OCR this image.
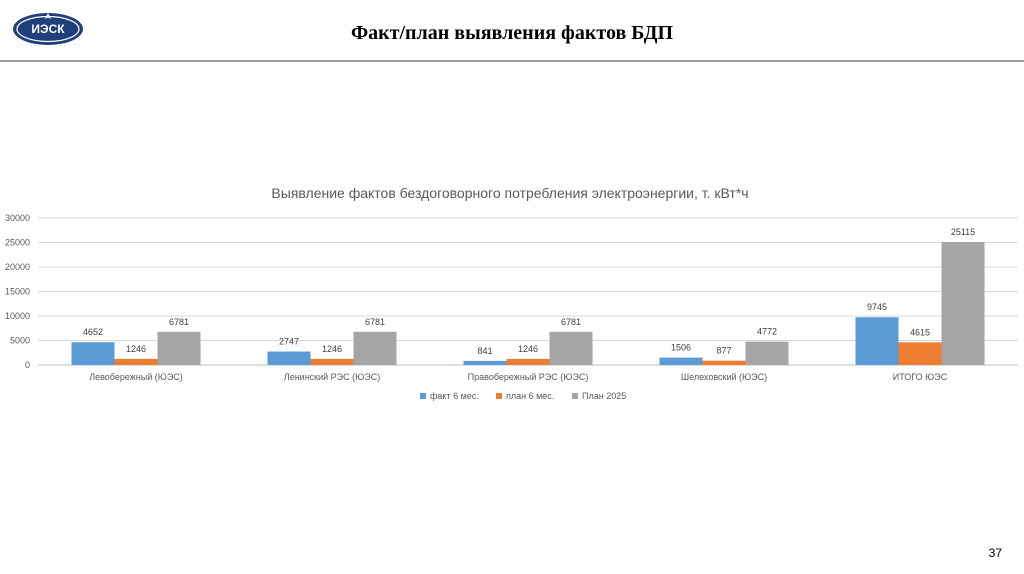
ИЭСК	Факт/план выявления фактов БДП
Выявление фактов бездоговорного потребления электроэнергии, т. кВт*ч
0
5000
10000
15000
20000
25000
30000
4652
1246
6781
2747
1246
6781
841	1246
6781
1506	877
4772
9745
4615
25115
Левобережный (ЮЭС)	Ленинский РЭС (ЮЭС)	Правобережный РЭС (ЮЭС)	Шелеховский (ЮЭС)	ИТОГО ЮЭС
факт 6 мес.	план 6 мес.	План 2025
37
